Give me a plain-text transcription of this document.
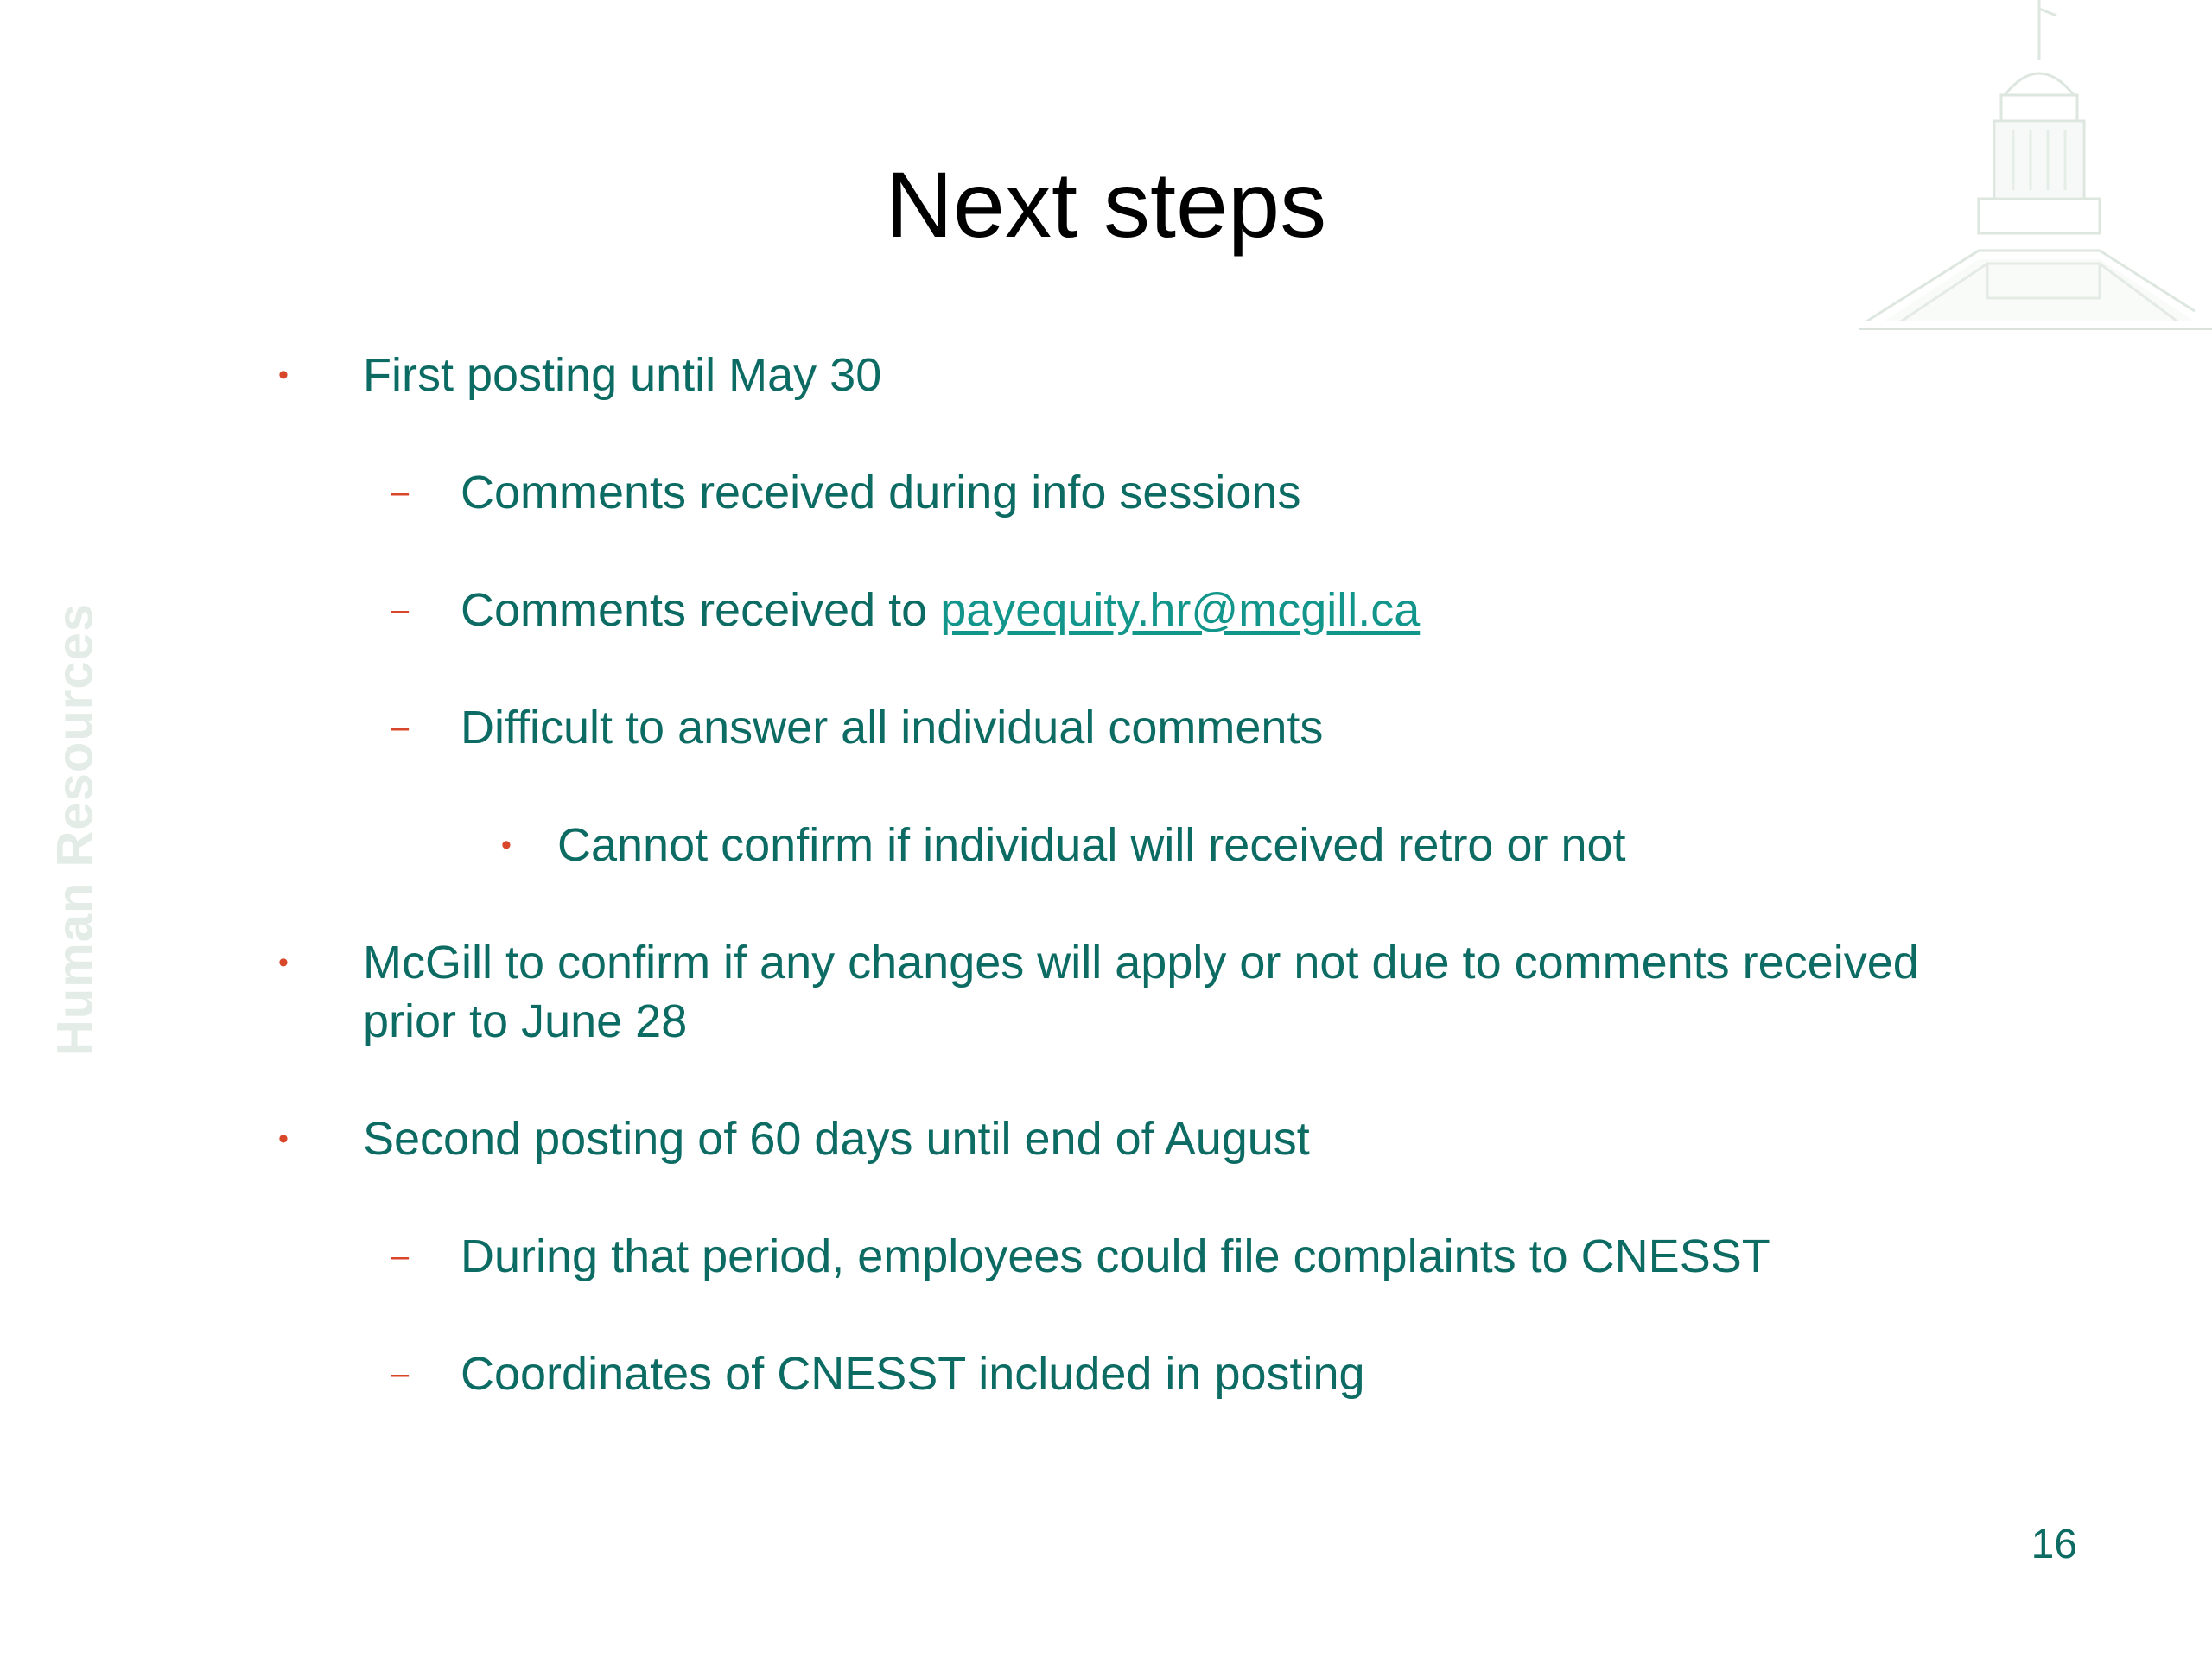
Human Resources
Next steps
• First posting until May 30
– Comments received during info sessions
– Comments received to payequity.hr@mcgill.ca
– Difficult to answer all individual comments
• Cannot confirm if individual will received retro or not
• McGill to confirm if any changes will apply or not due to comments received
prior to June 28
• Second posting of 60 days until end of August
– During that period, employees could file complaints to CNESST
– Coordinates of CNESST included in posting
16
